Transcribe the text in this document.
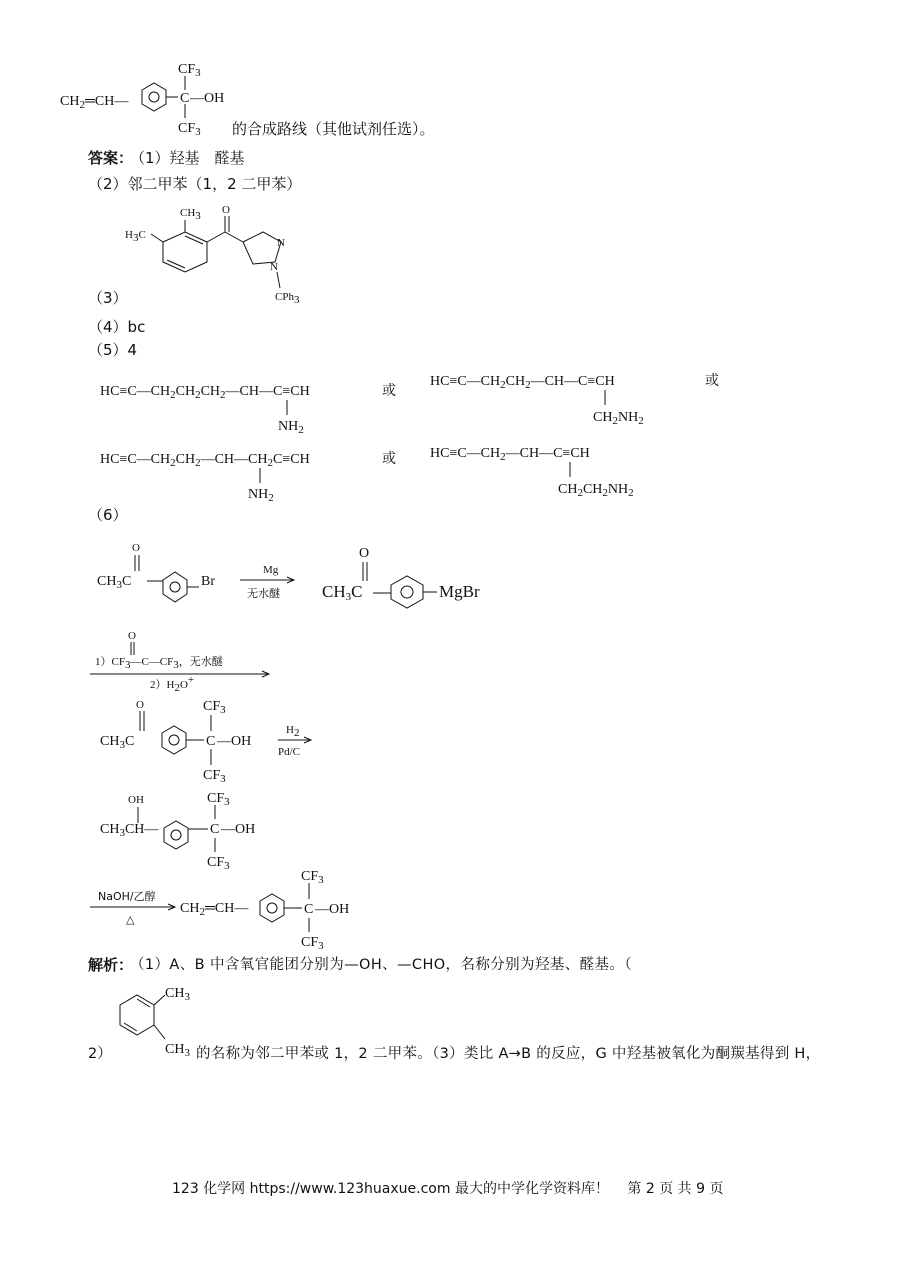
$CH_2═CH—$	C —OH
$CF_3$
$CF_3$ 的合成路线（其他试剂任选）。
答案：
（1）羟基　醛基
（2）邻二甲苯（1，2 二甲苯）
H3C
CH3 O
N
N
CPh3
（3）
（4）bc
（5）4
$HC\equiv C—CH_2CH_2CH_2—CH—C\equiv CH$
$NH_2$
或
$HC\equiv C—CH_2CH_2—CH—C\equiv CH$
$CH_2NH_2$
或
$HC\equiv C—CH_2CH_2—CH—CH_2C\equiv CH$
$NH_2$
或 $HC\equiv C—CH_2—CH—C\equiv CH$
$CH_2CH_2NH_2$
（6）
O
$CH_3C$	Br
Mg
无水醚
O
CH3C	MgBr
O
1）CF3—C—CF3，无水醚
2）H2O+
O
$CH_3C$	C —OH
$CF_3$
$CF_3$
H2
Pd/C
OH
$CH_3CH—$	C —OH
$CF_3$
$CF_3$
NaOH/乙醇
△
$CH_2═CH—$	C —OH
$CF_3$
$CF_3$
解析：
（1）A、B 中含氧官能团分别为—OH、—CHO，名称分别为羟基、醛基。（
$CH_3$
$CH_3$
2）	的名称为邻二甲苯或 1，2 二甲苯。（3）类比 A→B 的反应，G 中羟基被氧化为酮羰基得到 H，
123 化学网 https://www.123huaxue.com 最大的中学化学资料库！　 第 2 页 共 9 页
